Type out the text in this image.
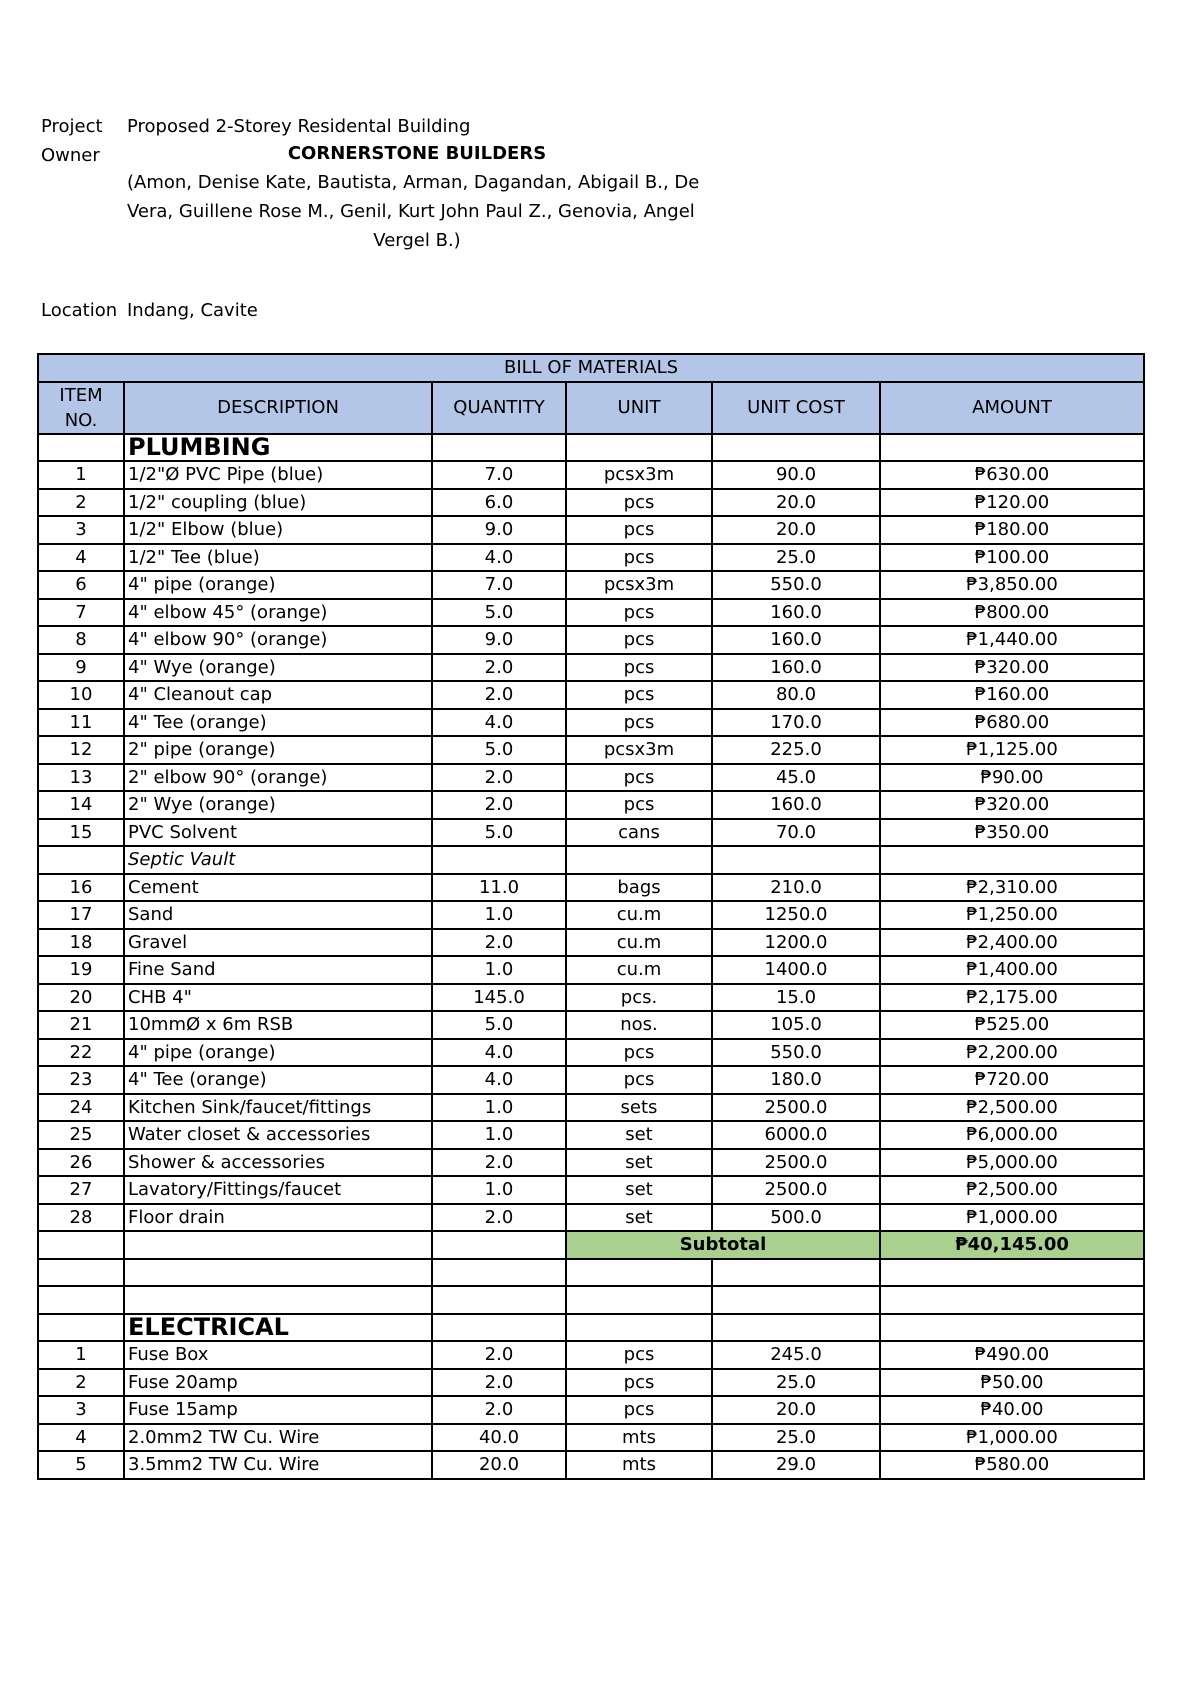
Project Proposed 2-Storey Residental Building
Owner	CORNERSTONE BUILDERS
(Amon, Denise Kate, Bautista, Arman, Dagandan, Abigail B., De
Vera, Guillene Rose M., Genil, Kurt John Paul Z., Genovia, Angel
Vergel B.)
Location Indang, Cavite
BILL OF MATERIALS					
ITEM
NO.	DESCRIPTION	QUANTITY	UNIT	UNIT COST	AMOUNT
	PLUMBING				
1	1/2"Ø PVC Pipe (blue)	7.0	pcsx3m	90.0	₱630.00
2	1/2" coupling (blue)	6.0	pcs	20.0	₱120.00
3	1/2" Elbow (blue)	9.0	pcs	20.0	₱180.00
4	1/2" Tee (blue)	4.0	pcs	25.0	₱100.00
6	4" pipe (orange)	7.0	pcsx3m	550.0	₱3,850.00
7	4" elbow 45° (orange)	5.0	pcs	160.0	₱800.00
8	4" elbow 90° (orange)	9.0	pcs	160.0	₱1,440.00
9	4" Wye (orange)	2.0	pcs	160.0	₱320.00
10	4" Cleanout cap	2.0	pcs	80.0	₱160.00
11	4" Tee (orange)	4.0	pcs	170.0	₱680.00
12	2" pipe (orange)	5.0	pcsx3m	225.0	₱1,125.00
13	2" elbow 90° (orange)	2.0	pcs	45.0	₱90.00
14	2" Wye (orange)	2.0	pcs	160.0	₱320.00
15	PVC Solvent	5.0	cans	70.0	₱350.00
	Septic Vault				
16	Cement	11.0	bags	210.0	₱2,310.00
17	Sand	1.0	cu.m	1250.0	₱1,250.00
18	Gravel	2.0	cu.m	1200.0	₱2,400.00
19	Fine Sand	1.0	cu.m	1400.0	₱1,400.00
20	CHB 4"	145.0	pcs.	15.0	₱2,175.00
21	10mmØ x 6m RSB	5.0	nos.	105.0	₱525.00
22	4" pipe (orange)	4.0	pcs	550.0	₱2,200.00
23	4" Tee (orange)	4.0	pcs	180.0	₱720.00
24	Kitchen Sink/faucet/fittings	1.0	sets	2500.0	₱2,500.00
25	Water closet & accessories	1.0	set	6000.0	₱6,000.00
26	Shower & accessories	2.0	set	2500.0	₱5,000.00
27	Lavatory/Fittings/faucet	1.0	set	2500.0	₱2,500.00
28	Floor drain	2.0	set	500.0	₱1,000.00
			Subtotal		₱40,145.00

	ELECTRICAL				
1	Fuse Box	2.0	pcs	245.0	₱490.00
2	Fuse 20amp	2.0	pcs	25.0	₱50.00
3	Fuse 15amp	2.0	pcs	20.0	₱40.00
4	2.0mm2 TW Cu. Wire	40.0	mts	25.0	₱1,000.00
5	3.5mm2 TW Cu. Wire	20.0	mts	29.0	₱580.00
